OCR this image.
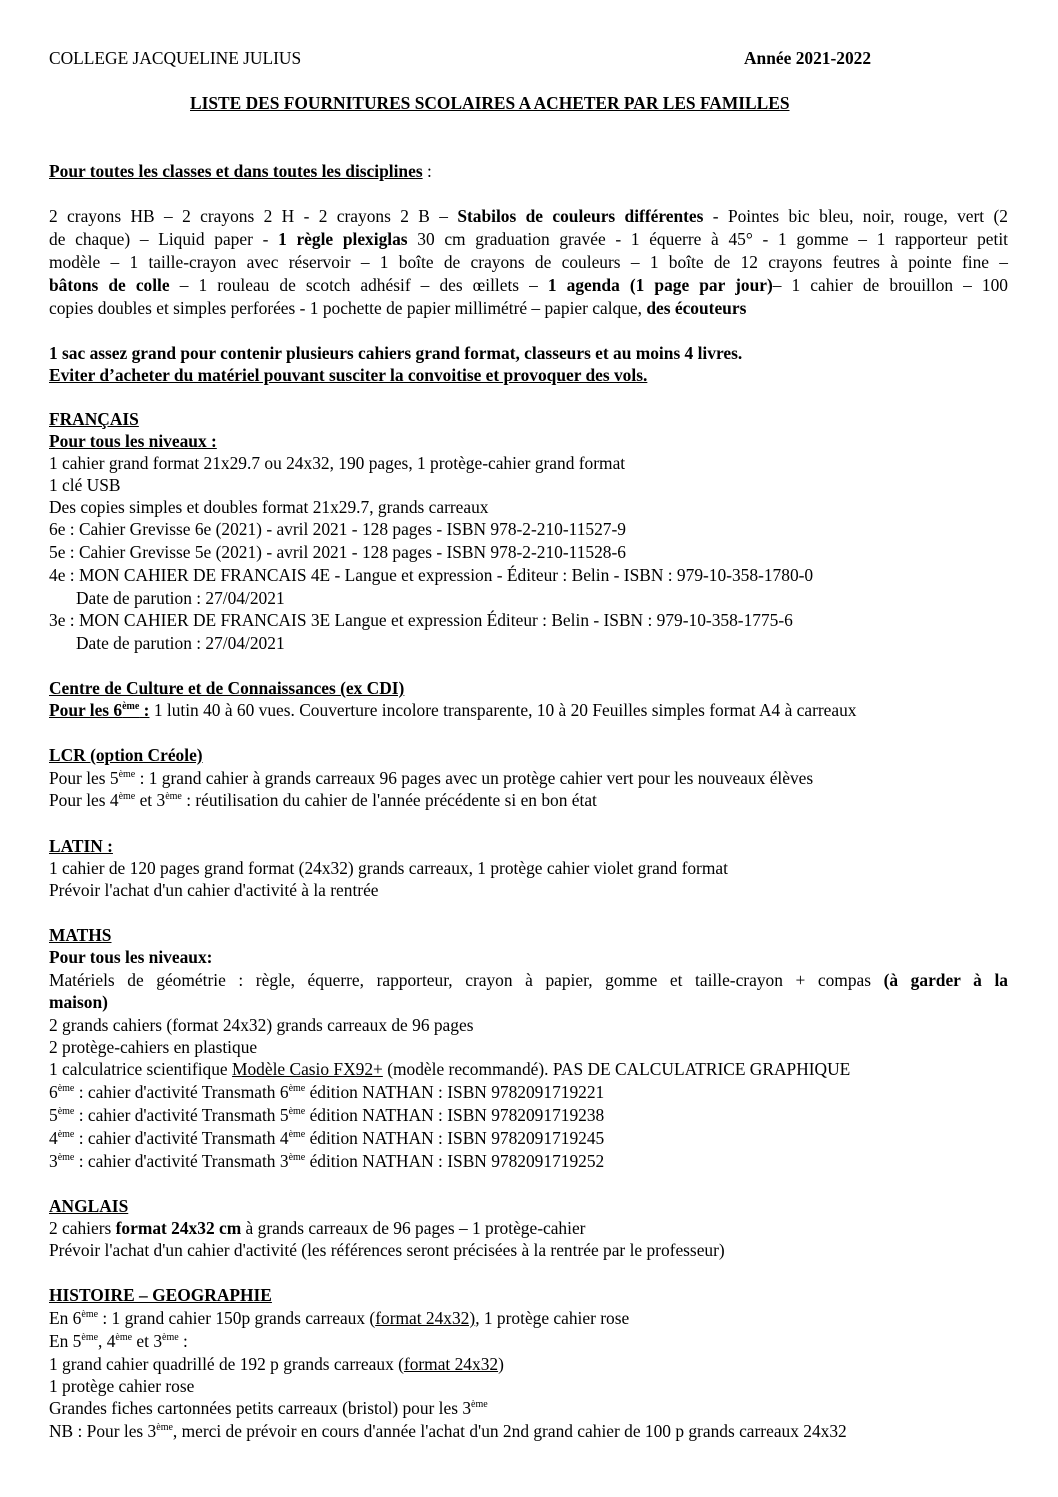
COLLEGE JACQUELINE JULIUS	Année 2021-2022
LISTE DES FOURNITURES SCOLAIRES A ACHETER PAR LES FAMILLES
Pour toutes les classes et dans toutes les disciplines :
2 crayons HB – 2 crayons 2 H - 2 crayons 2 B – Stabilos de couleurs différentes - Pointes bic bleu, noir, rouge, vert (2
de chaque) – Liquid paper - 1 règle plexiglas 30 cm graduation gravée - 1 équerre à 45° - 1 gomme – 1 rapporteur petit
modèle – 1 taille-crayon avec réservoir – 1 boîte de crayons de couleurs – 1 boîte de 12 crayons feutres à pointe fine –
bâtons de colle – 1 rouleau de scotch adhésif – des œillets – 1 agenda (1 page par jour)– 1 cahier de brouillon – 100
copies doubles et simples perforées - 1 pochette de papier millimétré – papier calque, des écouteurs
1 sac assez grand pour contenir plusieurs cahiers grand format, classeurs et au moins 4 livres.
Eviter d’acheter du matériel pouvant susciter la convoitise et provoquer des vols.
FRANÇAIS
Pour tous les niveaux :
1 cahier grand format 21x29.7 ou 24x32, 190 pages, 1 protège-cahier grand format
1 clé USB
Des copies simples et doubles format 21x29.7, grands carreaux
6e : Cahier Grevisse 6e (2021) - avril 2021 - 128 pages - ISBN 978-2-210-11527-9
5e : Cahier Grevisse 5e (2021) - avril 2021 - 128 pages - ISBN 978-2-210-11528-6
4e : MON CAHIER DE FRANCAIS 4E - Langue et expression - Éditeur : Belin - ISBN : 979-10-358-1780-0
Date de parution : 27/04/2021
3e : MON CAHIER DE FRANCAIS 3E Langue et expression Éditeur : Belin - ISBN : 979-10-358-1775-6
Date de parution : 27/04/2021
Centre de Culture et de Connaissances (ex CDI)
Pour les 6ème : 1 lutin 40 à 60 vues. Couverture incolore transparente, 10 à 20 Feuilles simples format A4 à carreaux
LCR (option Créole)
Pour les 5ème : 1 grand cahier à grands carreaux 96 pages avec un protège cahier vert pour les nouveaux élèves
Pour les 4ème et 3ème : réutilisation du cahier de l'année précédente si en bon état
LATIN :
1 cahier de 120 pages grand format (24x32) grands carreaux, 1 protège cahier violet grand format
Prévoir l'achat d'un cahier d'activité à la rentrée
MATHS
Pour tous les niveaux:
Matériels de géométrie : règle, équerre, rapporteur, crayon à papier, gomme et taille-crayon + compas (à garder à la
maison)
2 grands cahiers (format 24x32) grands carreaux de 96 pages
2 protège-cahiers en plastique
1 calculatrice scientifique Modèle Casio FX92+ (modèle recommandé). PAS DE CALCULATRICE GRAPHIQUE
6ème : cahier d'activité Transmath 6ème édition NATHAN : ISBN 9782091719221
5ème : cahier d'activité Transmath 5ème édition NATHAN : ISBN 9782091719238
4ème : cahier d'activité Transmath 4ème édition NATHAN : ISBN 9782091719245
3ème : cahier d'activité Transmath 3ème édition NATHAN : ISBN 9782091719252
ANGLAIS
2 cahiers format 24x32 cm à grands carreaux de 96 pages – 1 protège-cahier
Prévoir l'achat d'un cahier d'activité (les références seront précisées à la rentrée par le professeur)
HISTOIRE – GEOGRAPHIE
En 6ème : 1 grand cahier 150p grands carreaux (format 24x32), 1 protège cahier rose
En 5ème, 4ème et 3ème :
1 grand cahier quadrillé de 192 p grands carreaux (format 24x32)
1 protège cahier rose
Grandes fiches cartonnées petits carreaux (bristol) pour les 3ème
NB : Pour les 3ème, merci de prévoir en cours d'année l'achat d'un 2nd grand cahier de 100 p grands carreaux 24x32
